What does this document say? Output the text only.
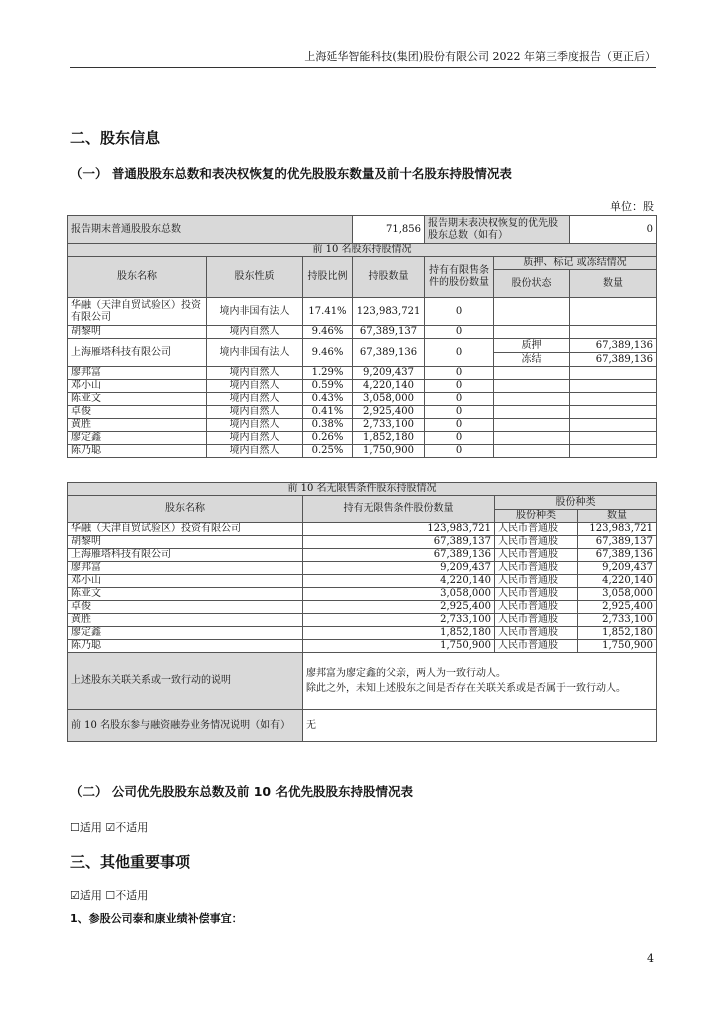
上海延华智能科技(集团)股份有限公司 2022 年第三季度报告（更正后）
二、股东信息
（一） 普通股股东总数和表决权恢复的优先股股东数量及前十名股东持股情况表
单位：股
报告期末普通股股东总数			71,856	报告期末表决权恢复的优先股股东总数（如有）		0
前 10 名股东持股情况						
股东名称	股东性质	持股比例	持股数量	持有有限售条件的股份数量	质押、标记 或冻结情况	
					股份状态	数量
华融（天津自贸试验区）投资有限公司	境内非国有法人	17.41%	123,983,721	0		
胡黎明	境内自然人	9.46%	67,389,137	0		
上海雁塔科技有限公司	境内非国有法人	9.46%	67,389,136	0	质押	67,389,136
					冻结	67,389,136
廖邦富	境内自然人	1.29%	9,209,437	0		
邓小山	境内自然人	0.59%	4,220,140	0		
陈亚文	境内自然人	0.43%	3,058,000	0		
卓俊	境内自然人	0.41%	2,925,400	0		
黄胜	境内自然人	0.38%	2,733,100	0		
廖定鑫	境内自然人	0.26%	1,852,180	0		
陈乃聪	境内自然人	0.25%	1,750,900	0		
前 10 名无限售条件股东持股情况			
股东名称	持有无限售条件股份数量	股份种类	
		股份种类	数量
华融（天津自贸试验区）投资有限公司	123,983,721	人民币普通股	123,983,721
胡黎明	67,389,137	人民币普通股	67,389,137
上海雁塔科技有限公司	67,389,136	人民币普通股	67,389,136
廖邦富	9,209,437	人民币普通股	9,209,437
邓小山	4,220,140	人民币普通股	4,220,140
陈亚文	3,058,000	人民币普通股	3,058,000
卓俊	2,925,400	人民币普通股	2,925,400
黄胜	2,733,100	人民币普通股	2,733,100
廖定鑫	1,852,180	人民币普通股	1,852,180
陈乃聪	1,750,900	人民币普通股	1,750,900
上述股东关联关系或一致行动的说明	廖邦富为廖定鑫的父亲，两人为一致行动人。
除此之外，未知上述股东之间是否存在关联关系或是否属于一致行动人。		
前 10 名股东参与融资融券业务情况说明（如有）	无		
（二） 公司优先股股东总数及前 10 名优先股股东持股情况表
☐适用 ☑不适用
三、其他重要事项
☑适用 ☐不适用
1、参股公司泰和康业绩补偿事宜：
4
